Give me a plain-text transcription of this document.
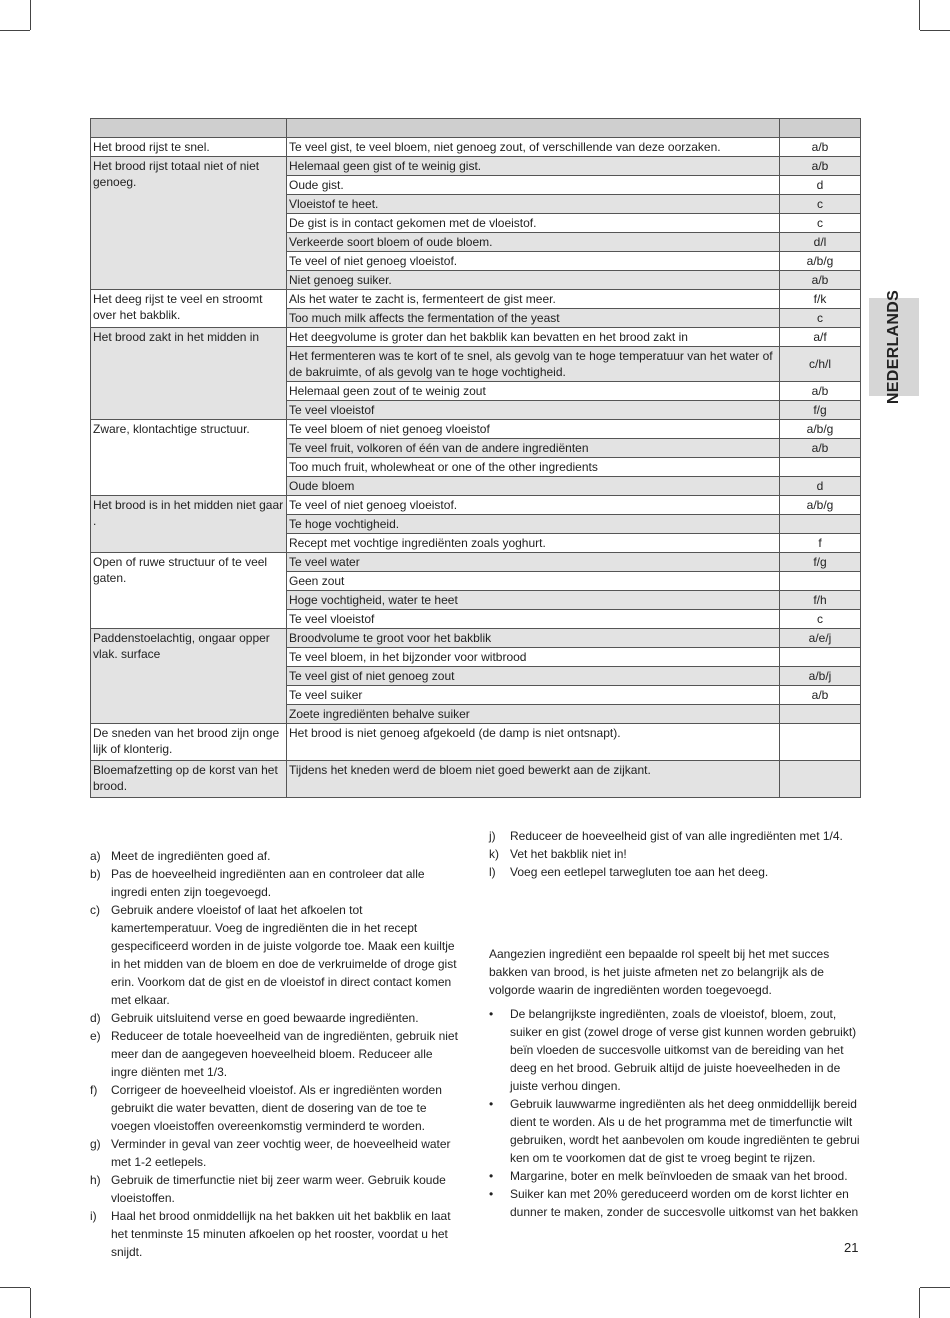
Het brood rijst te snel.	Te veel gist, te veel bloem, niet genoeg zout, of verschillende van deze oorzaken.	a/b
Het brood rijst totaal niet of niet genoeg.	Helemaal geen gist of te weinig gist.	a/b
	Oude gist.	d
	Vloeistof te heet.	c
	De gist is in contact gekomen met de vloeistof.	c
	Verkeerde soort bloem of oude bloem.	d/l
	Te veel of niet genoeg vloeistof.	a/b/g
	Niet genoeg suiker.	a/b
Het deeg rijst te veel en stroomt over het bakblik.	Als het water te zacht is, fermenteert de gist meer.	f/k
	Too much milk affects the fermentation of the yeast	c
Het brood zakt in het midden in	Het deegvolume is groter dan het bakblik kan bevatten en het brood zakt in	a/f
	Het fermenteren was te kort of te snel, als gevolg van te hoge temperatuur van het water of de bakruimte, of als gevolg van te hoge vochtigheid.	c/h/l
	Helemaal geen zout of te weinig zout	a/b
	Te veel vloeistof	f/g
Zware, klontachtige structuur.	Te veel bloem of niet genoeg vloeistof	a/b/g
	Te veel fruit, volkoren of één van de andere ingrediënten	a/b
	Too much fruit, wholewheat or one of the other ingredients	
	Oude bloem	d
Het brood is in het midden niet gaar .	Te veel of niet genoeg vloeistof.	a/b/g
	Te hoge vochtigheid.	
	Recept met vochtige ingrediënten zoals yoghurt.	f
Open of ruwe structuur of te veel gaten.	Te veel water	f/g
	Geen zout	
	Hoge vochtigheid, water te heet	f/h
	Te veel vloeistof	c
Paddenstoelachtig, ongaar opper vlak. surface	Broodvolume te groot voor het bakblik	a/e/j
	Te veel bloem, in het bijzonder voor witbrood	
	Te veel gist of niet genoeg zout	a/b/j
	Te veel suiker	a/b
	Zoete ingrediënten behalve suiker	
De sneden van het brood zijn onge lijk of klonterig.	Het brood is niet genoeg afgekoeld (de damp is niet ontsnapt).	
Bloemafzetting op de korst van het brood.	Tijdens het kneden werd de bloem niet goed bewerkt aan de zijkant.	
a) Meet de ingrediënten goed af.
b) Pas de hoeveelheid ingrediënten aan en controleer dat alle ingredi enten zijn toegevoegd.
c) Gebruik andere vloeistof of laat het afkoelen tot kamertemperatuur. Voeg de ingrediënten die in het recept gespecificeerd worden in de juiste volgorde toe. Maak een kuiltje in het midden van de bloem en doe de verkruimelde of droge gist erin. Voorkom dat de gist en de vloeistof in direct contact komen met elkaar.
d) Gebruik uitsluitend verse en goed bewaarde ingrediënten.
e) Reduceer de totale hoeveelheid van de ingrediënten, gebruik niet meer dan de aangegeven hoeveelheid bloem. Reduceer alle ingre diënten met 1/3.
f) Corrigeer de hoeveelheid vloeistof. Als er ingrediënten worden gebruikt die water bevatten, dient de dosering van de toe te voegen vloeistoffen overeenkomstig verminderd te worden.
g) Verminder in geval van zeer vochtig weer, de hoeveelheid water met 1-2 eetlepels.
h) Gebruik de timerfunctie niet bij zeer warm weer. Gebruik koude vloeistoffen.
i) Haal het brood onmiddellijk na het bakken uit het bakblik en laat het tenminste 15 minuten afkoelen op het rooster, voordat u het snijdt.
j) Reduceer de hoeveelheid gist of van alle ingrediënten met 1/4.
k) Vet het bakblik niet in!
l) Voeg een eetlepel tarwegluten toe aan het deeg.

Aangezien ingrediënt een bepaalde rol speelt bij het met succes bakken van brood, is het juiste afmeten net zo belangrijk als de volgorde waarin de ingrediënten worden toegevoegd.

• De belangrijkste ingrediënten, zoals de vloeistof, bloem, zout, suiker en gist (zowel droge of verse gist kunnen worden gebruikt) beïn vloeden de succesvolle uitkomst van de bereiding van het deeg en het brood. Gebruik altijd de juiste hoeveelheden in de juiste verhou dingen.
• Gebruik lauwwarme ingrediënten als het deeg onmiddellijk bereid dient te worden. Als u de het programma met de timerfunctie wilt gebruiken, wordt het aanbevolen om koude ingrediënten te gebrui ken om te voorkomen dat de gist te vroeg begint te rijzen.
• Margarine, boter en melk beïnvloeden de smaak van het brood.
• Suiker kan met 20% gereduceerd worden om de korst lichter en dunner te maken, zonder de succesvolle uitkomst van het bakken
NEDERLANDS
21
